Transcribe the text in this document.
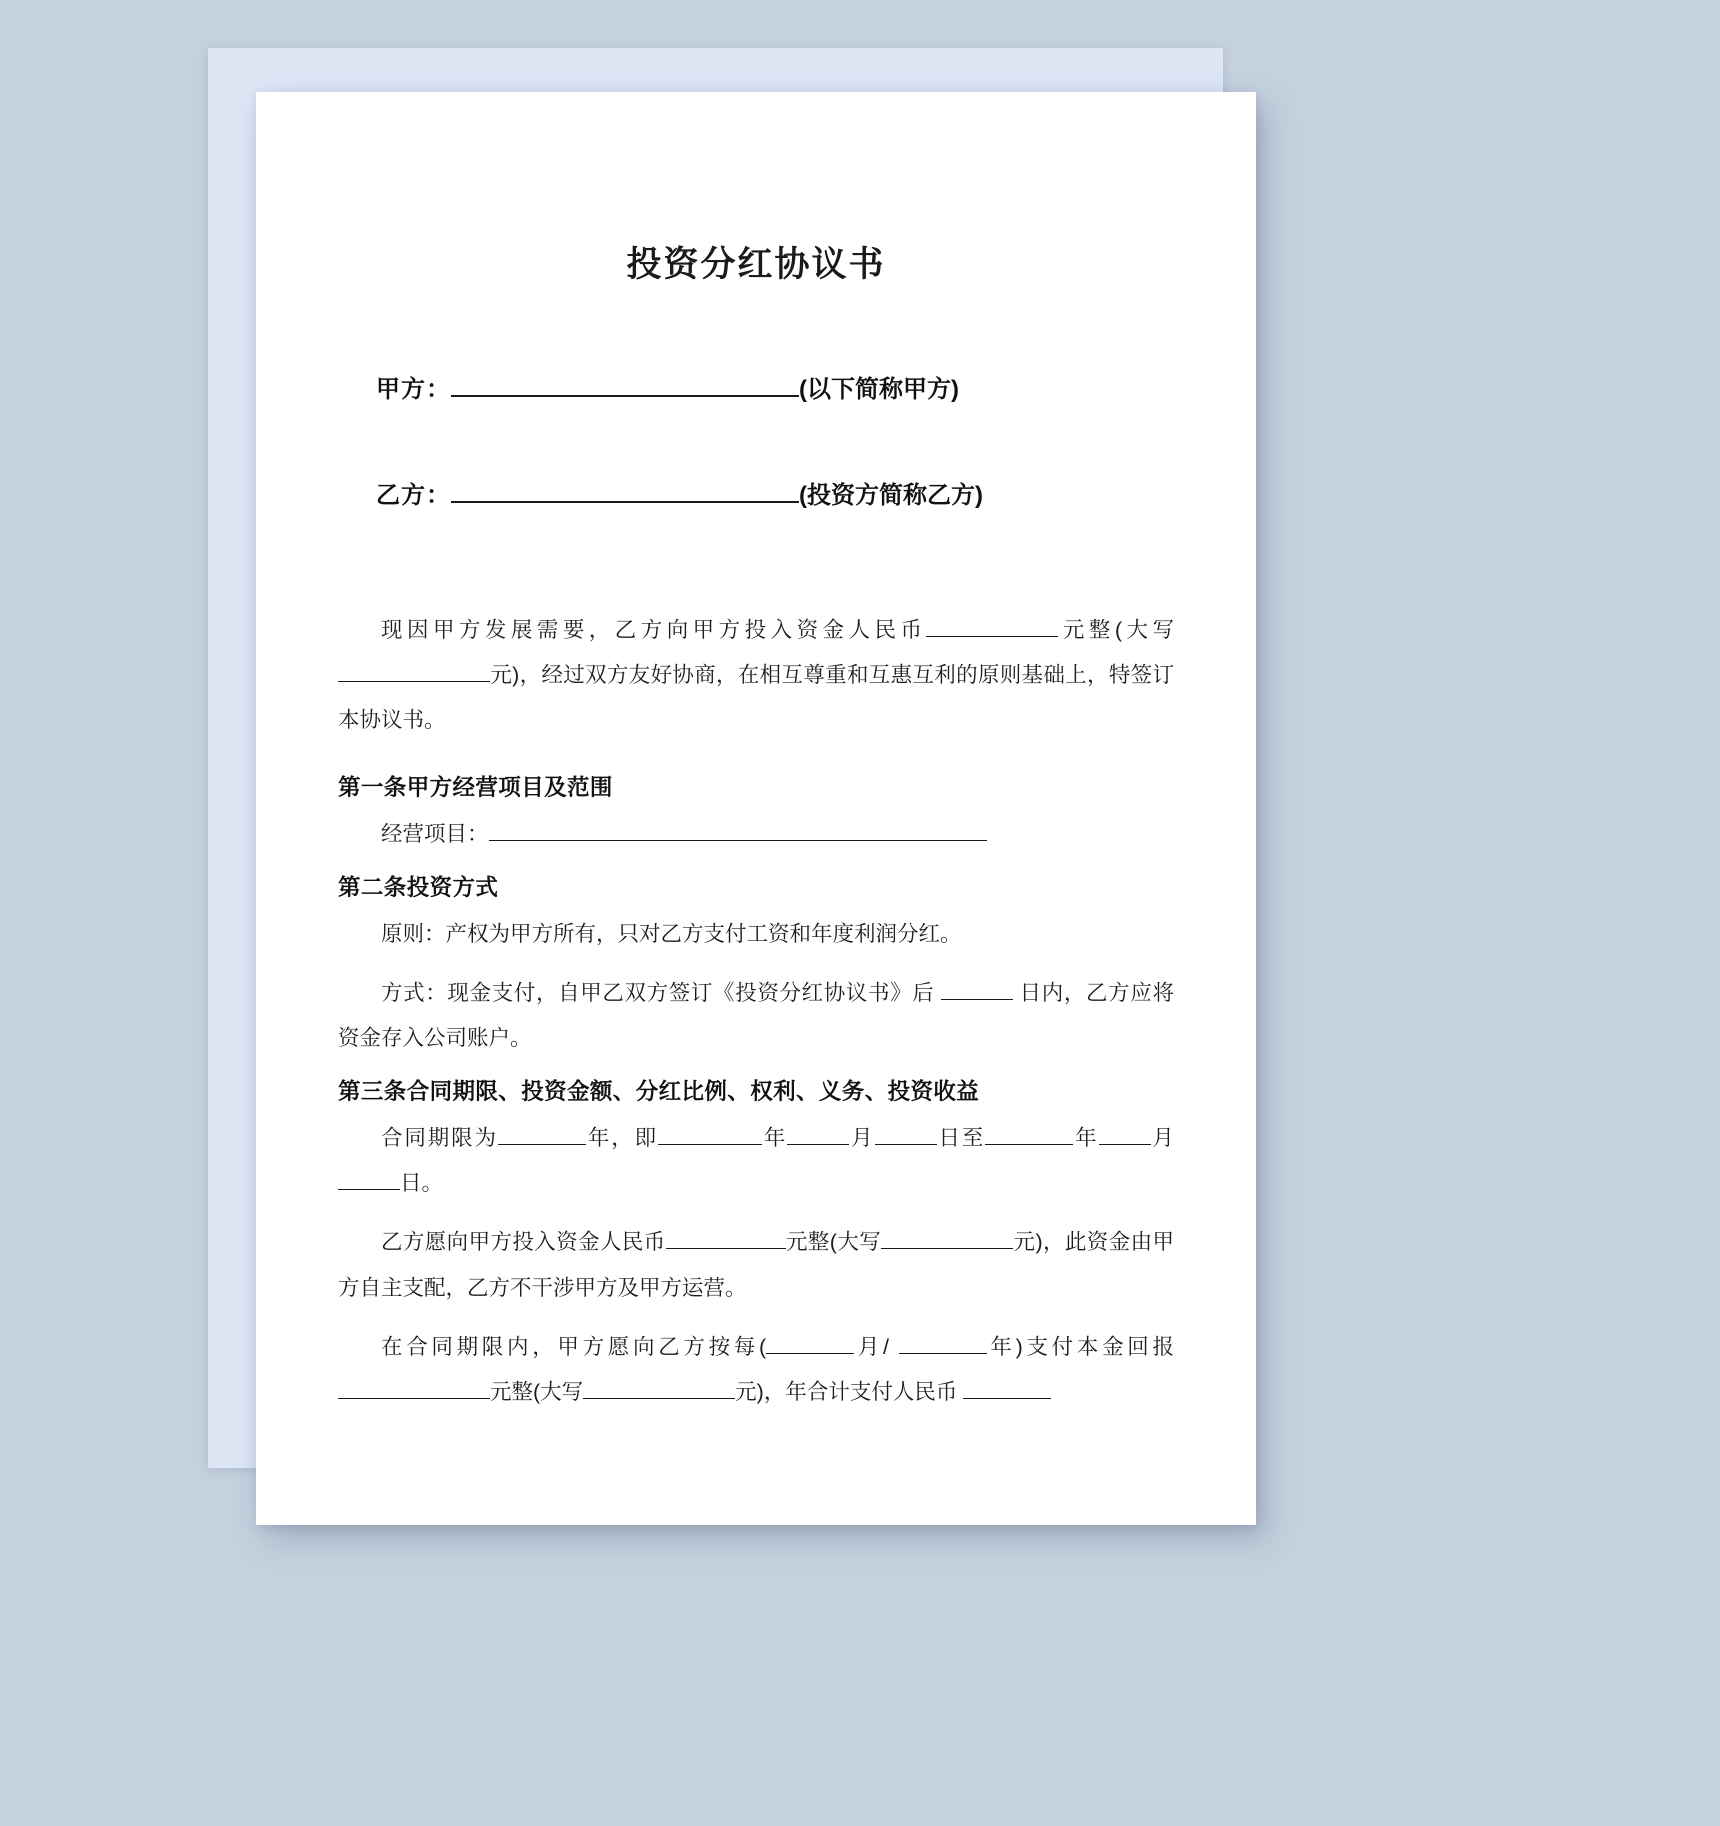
投资分红协议书
甲方：	(以下简称甲方)
乙方：	(投资方简称乙方)

现因甲方发展需要，乙方向甲方投入资金人民币	元整(大写元)，经过双方友好协商，在相互尊重和互惠互利的原则基础上，特签订本协议书。

第一条甲方经营项目及范围

经营项目：

第二条投资方式

原则：产权为甲方所有，只对乙方支付工资和年度利润分红。

方式：现金支付，自甲乙双方签订《投资分红协议书》后	日内，乙方应将资金存入公司账户。

第三条合同期限、投资金额、分红比例、权利、义务、投资收益

合同期限为	年，即	年	月	日至	年 月日。

乙方愿向甲方投入资金人民币	元整(大写	元)，此资金由甲方自主支配，乙方不干涉甲方及甲方运营。

在合同期限内，甲方愿向乙方按每(	月/	年)支付本金回报元整(大写	元)，年合计支付人民币
